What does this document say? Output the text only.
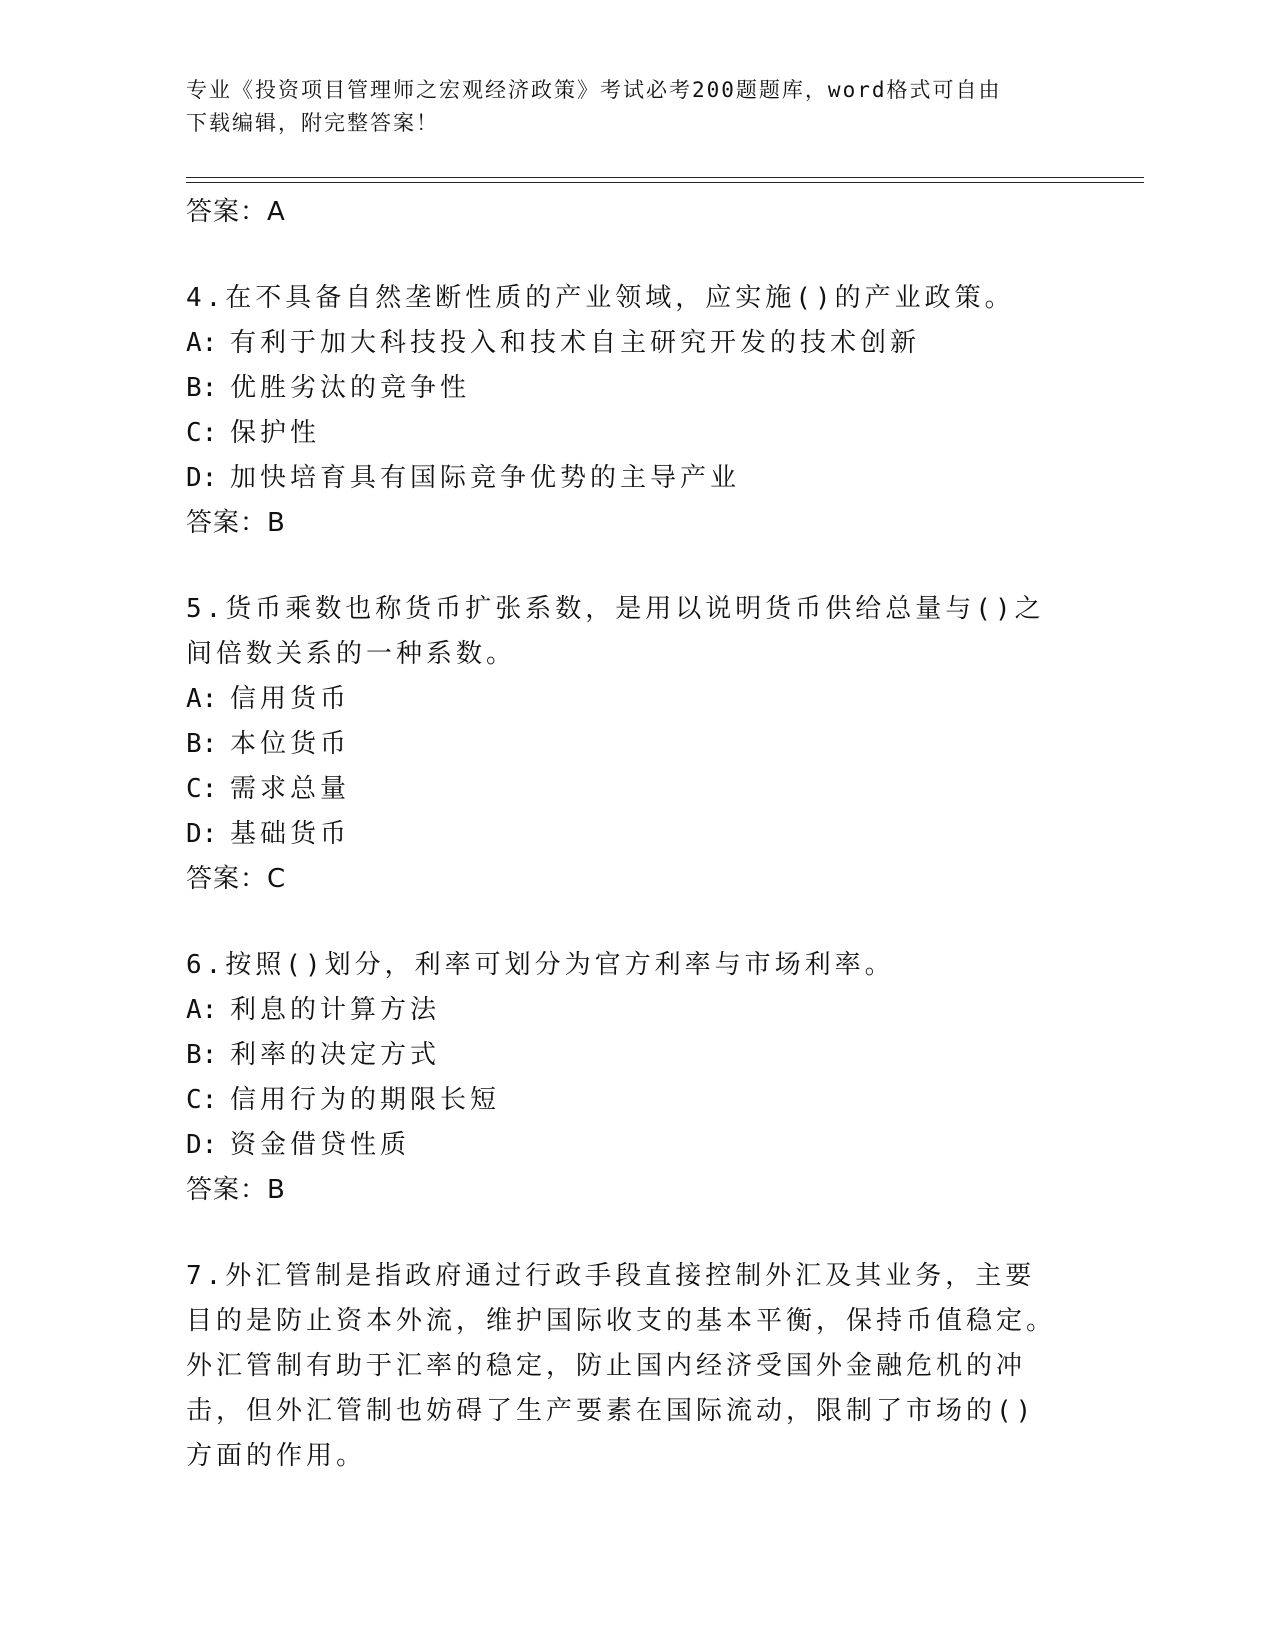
专业《投资项目管理师之宏观经济政策》考试必考200题题库，word格式可自由
下载编辑，附完整答案！
答案：A
4.在不具备自然垄断性质的产业领域，应实施()的产业政策。
A: 有利于加大科技投入和技术自主研究开发的技术创新
B: 优胜劣汰的竞争性
C: 保护性
D: 加快培育具有国际竞争优势的主导产业
答案：B
5.货币乘数也称货币扩张系数，是用以说明货币供给总量与()之间倍数关系的一种系数。
A: 信用货币
B: 本位货币
C: 需求总量
D: 基础货币
答案：C
6.按照()划分，利率可划分为官方利率与市场利率。
A: 利息的计算方法
B: 利率的决定方式
C: 信用行为的期限长短
D: 资金借贷性质
答案：B
7.外汇管制是指政府通过行政手段直接控制外汇及其业务，主要目的是防止资本外流，维护国际收支的基本平衡，保持币值稳定。外汇管制有助于汇率的稳定，防止国内经济受国外金融危机的冲击，但外汇管制也妨碍了生产要素在国际流动，限制了市场的()方面的作用。
